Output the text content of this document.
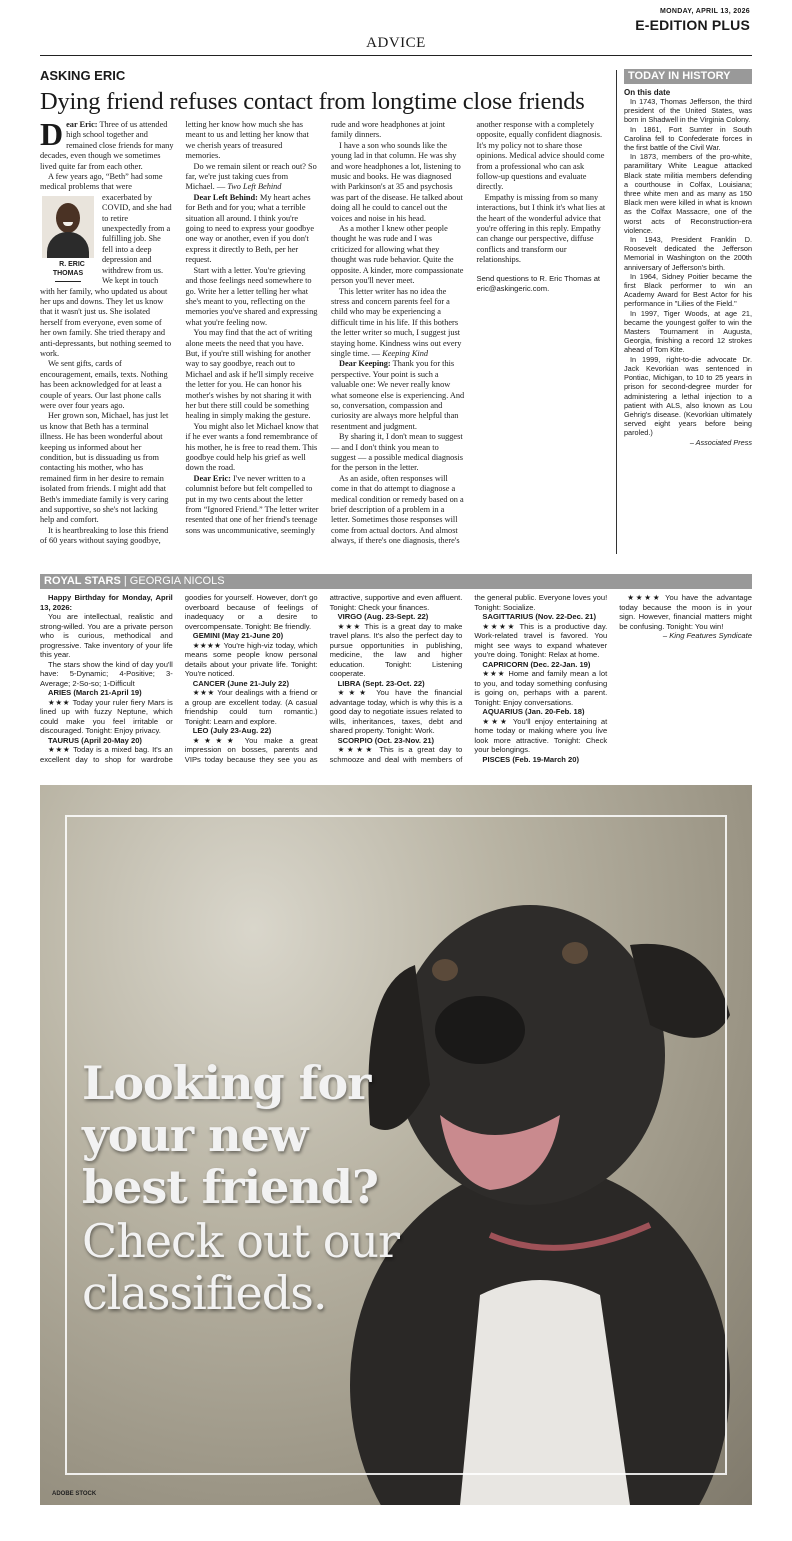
MONDAY, APRIL 13, 2026
E-EDITION PLUS
ADVICE
ASKING ERIC
Dying friend refuses contact from longtime close friends

Dear Eric: Three of us attended high school together and remained close friends for many decades, even though we sometimes lived quite far from each other.

A few years ago, “Beth” had some medical problems that
R. ERIC THOMAS
were exacerbated by COVID, and she had to retire unexpectedly from a fulfilling job. She fell into a deep depression and withdrew from us. We kept in touch with her family, who updated us about her ups and downs. They let us know that it wasn't just us. She isolated herself from everyone, even some of her own family. She tried therapy and anti-depressants, but nothing seemed to work.

We sent gifts, cards of encouragement, emails, texts. Nothing has been acknowledged for at least a couple of years. Our last phone calls were over four years ago.

Her grown son, Michael, has just let us know that Beth has a terminal illness. He has been wonderful about keeping us informed about her condition, but is dissuading us from contacting his mother, who has remained firm in her desire to remain isolated from friends. I might add that Beth's immediate family is very caring and supportive, so she's not lacking help and comfort.

It is heartbreaking to lose this friend of 60 years without saying goodbye, letting her know how much she has meant to us and letting her know that we cherish years of treasured memories.

Do we remain silent or reach out? So far, we're just taking cues from Michael. — Two Left Behind

Dear Left Behind: My heart aches for Beth and for you; what a terrible situation all around. I think you're going to need to express your goodbye one way or another, even if you don't express it directly to Beth, per her request.

Start with a letter. You're grieving and those feelings need somewhere to go. Write her a letter telling her what she's meant to you, reflecting on the memories you've shared and expressing what you're feeling now.

You may find that the act of writing alone meets the need that you have. But, if you're still wishing for another way to say goodbye, reach out to Michael and ask if he'll simply receive the letter for you. He can honor his mother's wishes by not sharing it with her but there still could be something healing in simply making the gesture.

You might also let Michael know that if he ever wants a fond remembrance of his mother, he is free to read them. This goodbye could help his grief as well down the road.

Dear Eric: I've never written to a columnist before but felt compelled to put in my two cents about the letter from “Ignored Friend.” The letter writer resented that one of her friend's teenage sons was uncommunicative, seemingly rude and wore headphones at joint family dinners.

I have a son who sounds like the young lad in that column. He was shy and wore headphones a lot, listening to music and books. He was diagnosed with Parkinson's at 35 and psychosis was part of the disease. He talked about doing all he could to cancel out the voices and noise in his head.

As a mother I knew other people thought he was rude and I was criticized for allowing what they thought was rude behavior. Quite the opposite. A kinder, more compassionate person you'll never meet.

This letter writer has no idea the stress and concern parents feel for a child who may be experiencing a difficult time in his life. If this bothers the letter writer so much, I suggest just staying home. Kindness wins out every single time. — Keeping Kind

Dear Keeping: Thank you for this perspective. Your point is such a valuable one: We never really know what someone else is experiencing. And so, conversation, compassion and curiosity are always more helpful than resentment and judgment.

By sharing it, I don't mean to suggest — and I don't think you mean to suggest — a possible medical diagnosis for the person in the letter.

As an aside, often responses will come in that do attempt to diagnose a medical condition or remedy based on a brief description of a problem in a letter. Sometimes those responses will come from actual doctors. And almost always, if there's one diagnosis, there's another response with a completely opposite, equally confident diagnosis. It's my policy not to share those opinions. Medical advice should come from a professional who can ask follow-up questions and evaluate directly.

Empathy is missing from so many interactions, but I think it's what lies at the heart of the wonderful advice that you're offering in this reply. Empathy can change our perspective, diffuse conflicts and transform our relationships.

Send questions to R. Eric Thomas at eric@askingeric.com.

TODAY IN HISTORY
On this date

In 1743, Thomas Jefferson, the third president of the United States, was born in Shadwell in the Virginia Colony.

In 1861, Fort Sumter in South Carolina fell to Confederate forces in the first battle of the Civil War.

In 1873, members of the pro-white, paramilitary White League attacked Black state militia members defending a courthouse in Colfax, Louisiana; three white men and as many as 150 Black men were killed in what is known as the Colfax Massacre, one of the worst acts of Reconstruction-era violence.

In 1943, President Franklin D. Roosevelt dedicated the Jefferson Memorial in Washington on the 200th anniversary of Jefferson's birth.

In 1964, Sidney Poitier became the first Black performer to win an Academy Award for Best Actor for his performance in "Lilies of the Field."

In 1997, Tiger Woods, at age 21, became the youngest golfer to win the Masters Tournament in Augusta, Georgia, finishing a record 12 strokes ahead of Tom Kite.

In 1999, right-to-die advocate Dr. Jack Kevorkian was sentenced in Pontiac, Michigan, to 10 to 25 years in prison for second-degree murder for administering a lethal injection to a patient with ALS, also known as Lou Gehrig's disease. (Kevorkian ultimately served eight years before being paroled.)

– Associated Press
ROYAL STARS | GEORGIA NICOLS

Happy Birthday for Monday, April 13, 2026:

You are intellectual, realistic and strong-willed. You are a private person who is curious, methodical and progressive. Take inventory of your life this year.

The stars show the kind of day you'll have: 5-Dynamic; 4-Positive; 3-Average; 2-So-so; 1-Difficult

ARIES (March 21-April 19)

★★★ Today your ruler fiery Mars is lined up with fuzzy Neptune, which could make you feel irritable or discouraged. Tonight: Enjoy privacy.

TAURUS (April 20-May 20)

★★★ Today is a mixed bag. It's an excellent day to shop for wardrobe goodies for yourself. However, don't go overboard because of feelings of inadequacy or a desire to overcompensate. Tonight: Be friendly.

GEMINI (May 21-June 20)

★★★★ You're high-viz today, which means some people know personal details about your private life. Tonight: You're noticed.

CANCER (June 21-July 22)

★★★ Your dealings with a friend or a group are excellent today. (A casual friendship could turn romantic.) Tonight: Learn and explore.

LEO (July 23-Aug. 22)

★★★★ You make a great impression on bosses, parents and VIPs today because they see you as attractive, supportive and even affluent. Tonight: Check your finances.

VIRGO (Aug. 23-Sept. 22)

★★★ This is a great day to make travel plans. It's also the perfect day to pursue opportunities in publishing, medicine, the law and higher education. Tonight: Listening cooperate.

LIBRA (Sept. 23-Oct. 22)

★★★ You have the financial advantage today, which is why this is a good day to negotiate issues related to wills, inheritances, taxes, debt and shared property. Tonight: Work.

SCORPIO (Oct. 23-Nov. 21)

★★★★ This is a great day to schmooze and deal with members of the general public. Everyone loves you! Tonight: Socialize.

SAGITTARIUS (Nov. 22-Dec. 21)

★★★★ This is a productive day. Work-related travel is favored. You might see ways to expand whatever you're doing. Tonight: Relax at home.

CAPRICORN (Dec. 22-Jan. 19)

★★★ Home and family mean a lot to you, and today something confusing is going on, perhaps with a parent. Tonight: Enjoy conversations.

AQUARIUS (Jan. 20-Feb. 18)

★★★ You'll enjoy entertaining at home today or making where you live look more attractive. Tonight: Check your belongings.

PISCES (Feb. 19-March 20)

★★★★ You have the advantage today because the moon is in your sign. However, financial matters might be confusing. Tonight: You win!

– King Features Syndicate

Looking for your new best friend?
Check out our classifieds.
ADOBE STOCK
